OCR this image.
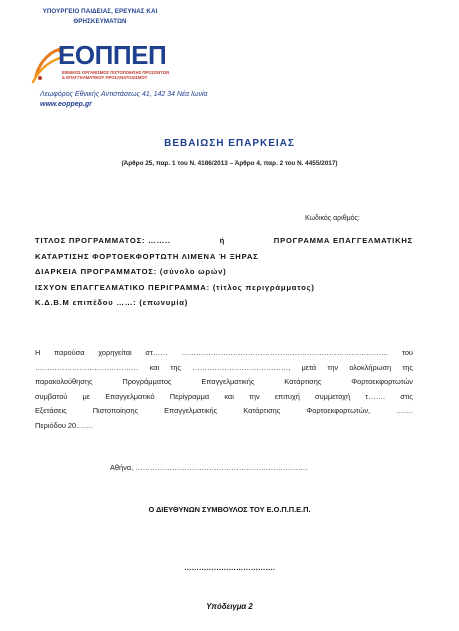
ΥΠΟΥΡΓΕΙΟ ΠΑΙΔΕΙΑΣ, ΕΡΕΥΝΑΣ ΚΑΙ
ΘΡΗΣΚΕΥΜΑΤΩΝ
ΕΟΠΠΕΠ
ΕΘΝΙΚΟΣ ΟΡΓΑΝΙΣΜΟΣ ΠΙΣΤΟΠΟΙΗΣΗΣ ΠΡΟΣΟΝΤΩΝ
& ΕΠΑΓΓΕΛΜΑΤΙΚΟΥ ΠΡΟΣΑΝΑΤΟΛΙΣΜΟΥ
Λεωφόρος Εθνικής Αντιστάσεως 41, 142 34 Νέα Ιωνία
www.eoppep.gr
ΒΕΒΑΙΩΣΗ ΕΠΑΡΚΕΙΑΣ
(Άρθρο 25, παρ. 1 του Ν. 4186/2013 – Άρθρο 4, παρ. 2 του Ν. 4455/2017)
Κωδικός αριθμός:
ΤΙΤΛΟΣ ΠΡΟΓΡΑΜΜΑΤΟΣ: ……..	ή	ΠΡΟΓΡΑΜΜΑ ΕΠΑΓΓΕΛΜΑΤΙΚΗΣ
ΚΑΤΑΡΤΙΣΗΣ ΦΟΡΤΟΕΚΦΟΡΤΩΤΗ ΛΙΜΕΝΑ Ή ΞΗΡΑΣ
ΔΙΑΡΚΕΙΑ ΠΡΟΓΡΑΜΜΑΤΟΣ: (σύνολο ωρών)
ΙΣΧΥΟΝ ΕΠΑΓΓΕΛΜΑΤΙΚΟ ΠΕΡΙΓΡΑΜΜΑ: (τίτλος περιγράμματος)
Κ.Δ.Β.Μ επιπέδου ……: (επωνυμία)
Η παρούσα χορηγείται στ…… ………………………………………………………………………… του
…………………………………… και της …………………………………, μετά την ολοκλήρωση της
παρακολούθησης	Προγράμματος	Επαγγελματικής	Κατάρτισης	Φορτοεκφορτωτών
συμβατού με Επαγγελματικό Περίγραμμα και την επιτυχή συμμετοχή τ……. στις
Εξετάσεις	Πιστοποίησης	Επαγγελματικής	Κατάρτισης	Φορτοεκφορτωτών,	…….
Περιόδου 20…….
Αθήνα, …………………………………………………………….
Ο ΔΙΕΥΘΥΝΩΝ ΣΥΜΒΟΥΛΟΣ ΤΟΥ Ε.Ο.Π.Π.Ε.Π.
……………………………….
Υπόδειγμα 2
